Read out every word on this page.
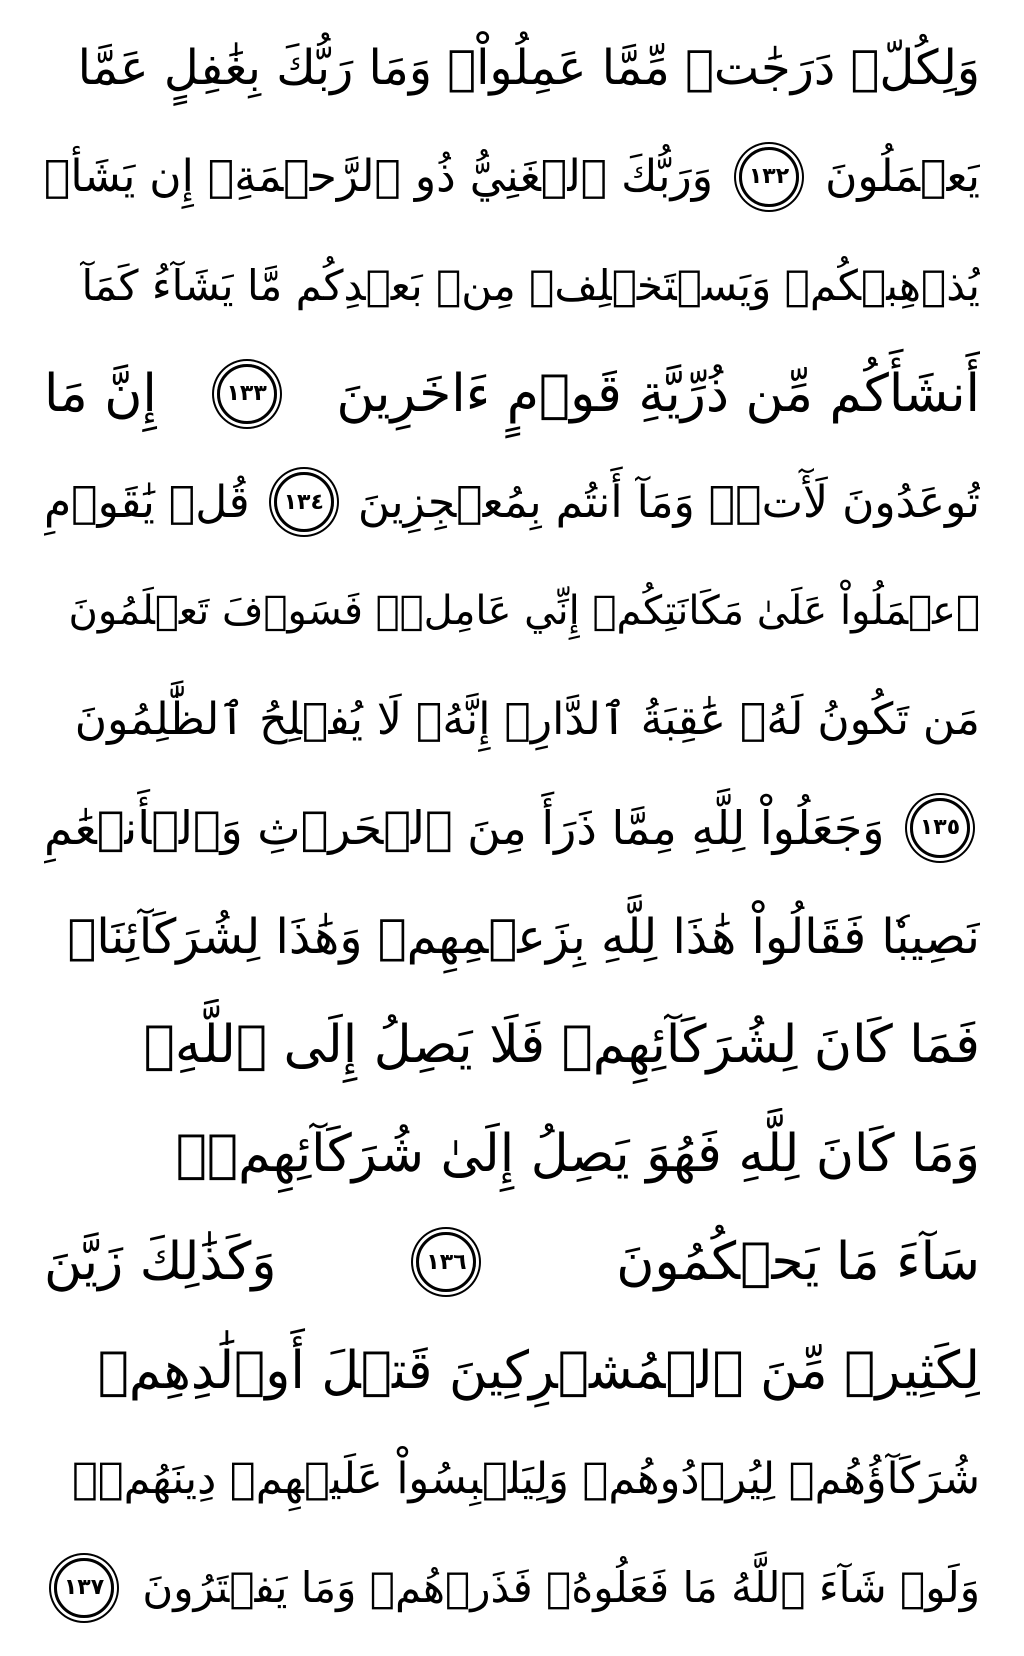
وَلِكُلّٖ دَرَجَٰتٞ مِّمَّا عَمِلُواْۚ وَمَا رَبُّكَ بِغَٰفِلٍ عَمَّا
يَعۡمَلُونَ
١٣٢
وَرَبُّكَ ٱلۡغَنِيُّ ذُو ٱلرَّحۡمَةِۚ إِن يَشَأۡ
يُذۡهِبۡكُمۡ وَيَسۡتَخۡلِفۡ مِنۢ بَعۡدِكُم مَّا يَشَآءُ كَمَآ
أَنشَأَكُم مِّن ذُرِّيَّةِ قَوۡمٍ ءَاخَرِينَ
١٣٣
إِنَّ مَا
تُوعَدُونَ لَأٓتٖۖ وَمَآ أَنتُم بِمُعۡجِزِينَ
١٣٤
قُلۡ يَٰقَوۡمِ
ٱعۡمَلُواْ عَلَىٰ مَكَانَتِكُمۡ إِنِّي عَامِلٞۖ فَسَوۡفَ تَعۡلَمُونَ
مَن تَكُونُ لَهُۥ عَٰقِبَةُ ٱلدَّارِۚ إِنَّهُۥ لَا يُفۡلِحُ ٱلظَّٰلِمُونَ
١٣٥
وَجَعَلُواْ لِلَّهِ مِمَّا ذَرَأَ مِنَ ٱلۡحَرۡثِ وَٱلۡأَنۡعَٰمِ
نَصِيبٗا فَقَالُواْ هَٰذَا لِلَّهِ بِزَعۡمِهِمۡ وَهَٰذَا لِشُرَكَآئِنَاۖ
فَمَا كَانَ لِشُرَكَآئِهِمۡ فَلَا يَصِلُ إِلَى ٱللَّهِۖ
وَمَا كَانَ لِلَّهِ فَهُوَ يَصِلُ إِلَىٰ شُرَكَآئِهِمۡۗ
سَآءَ مَا يَحۡكُمُونَ
١٣٦
وَكَذَٰلِكَ زَيَّنَ
لِكَثِيرٖ مِّنَ ٱلۡمُشۡرِكِينَ قَتۡلَ أَوۡلَٰدِهِمۡ
شُرَكَآؤُهُمۡ لِيُرۡدُوهُمۡ وَلِيَلۡبِسُواْ عَلَيۡهِمۡ دِينَهُمۡۖ
وَلَوۡ شَآءَ ٱللَّهُ مَا فَعَلُوهُۖ فَذَرۡهُمۡ وَمَا يَفۡتَرُونَ
١٣٧
